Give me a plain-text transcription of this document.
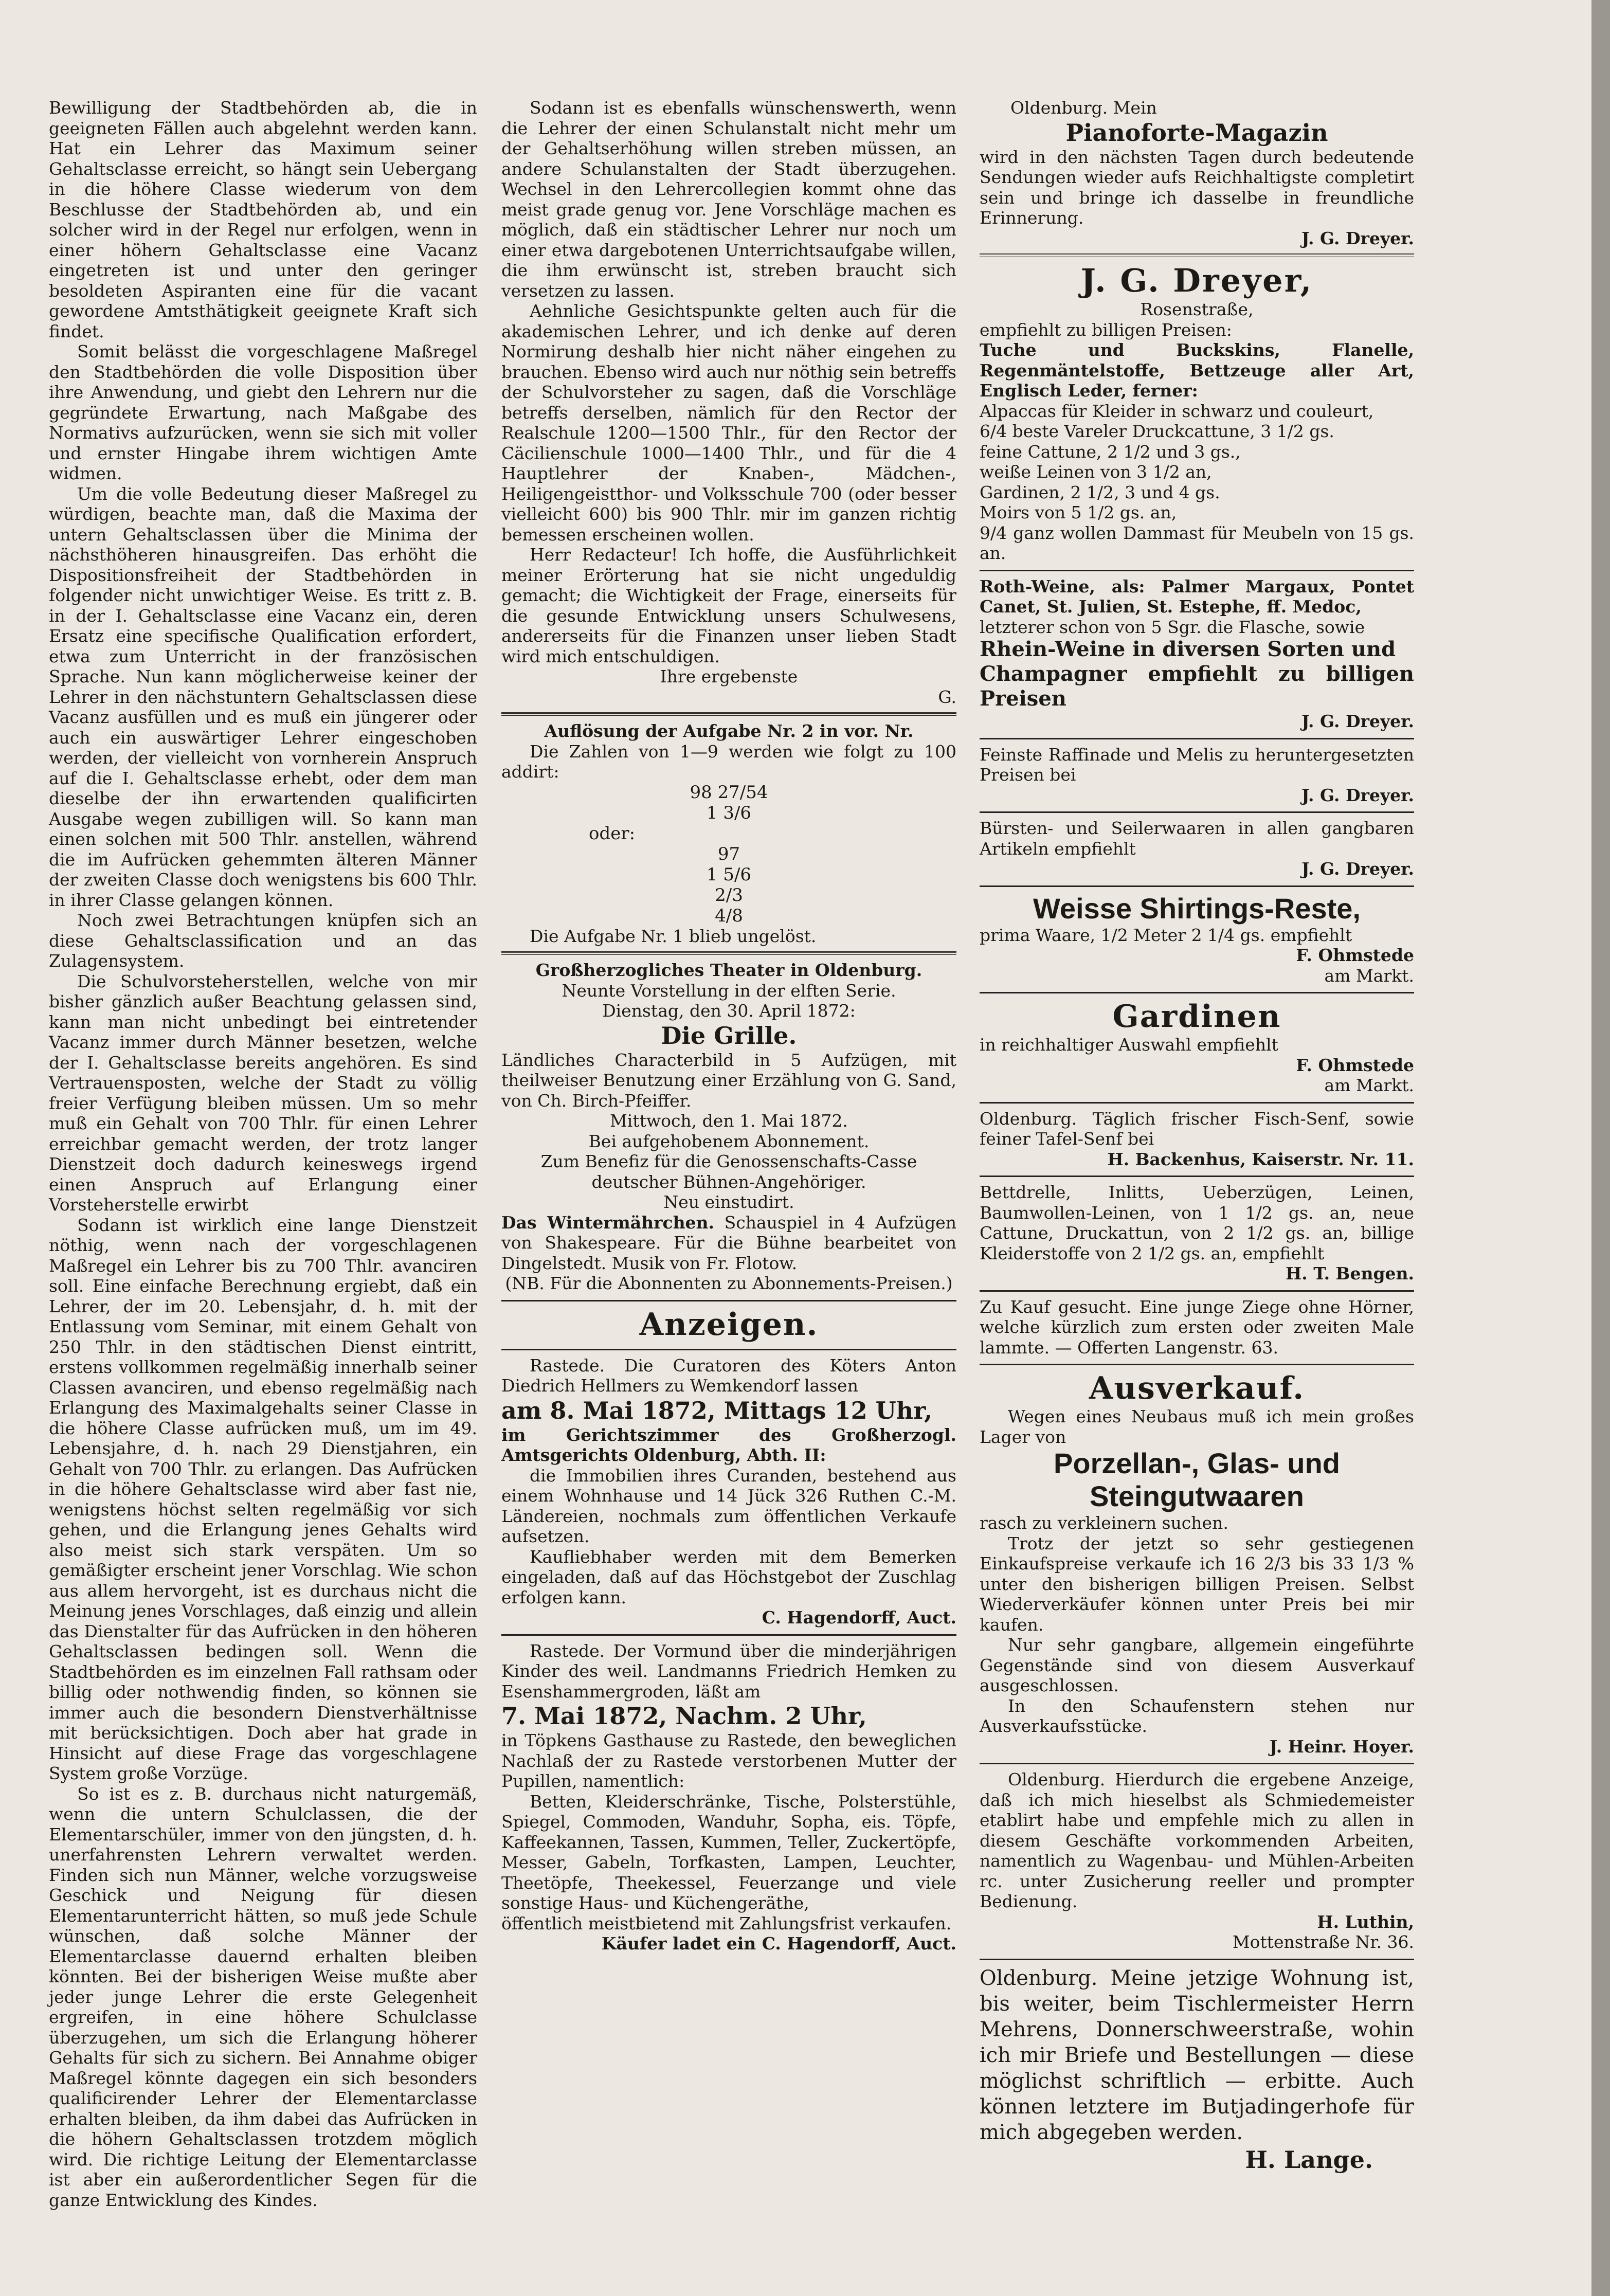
Bewilligung der Stadtbehörden ab, die in geeigneten Fällen auch abgelehnt werden kann. Hat ein Lehrer das Maximum seiner Gehaltsclasse erreicht, so hängt sein Uebergang in die höhere Classe wiederum von dem Beschlusse der Stadtbehörden ab, und ein solcher wird in der Regel nur erfolgen, wenn in einer höhern Gehaltsclasse eine Vacanz eingetreten ist und unter den geringer besoldeten Aspiranten eine für die vacant gewordene Amtsthätigkeit geeignete Kraft sich findet.

Somit belässt die vorgeschlagene Maßregel den Stadtbehörden die volle Disposition über ihre Anwendung, und giebt den Lehrern nur die gegründete Erwartung, nach Maßgabe des Normativs aufzurücken, wenn sie sich mit voller und ernster Hingabe ihrem wichtigen Amte widmen.

Um die volle Bedeutung dieser Maßregel zu würdigen, beachte man, daß die Maxima der untern Gehaltsclassen über die Minima der nächsthöheren hinausgreifen. Das erhöht die Dispositionsfreiheit der Stadtbehörden in folgender nicht unwichtiger Weise. Es tritt z. B. in der I. Gehaltsclasse eine Vacanz ein, deren Ersatz eine specifische Qualification erfordert, etwa zum Unterricht in der französischen Sprache. Nun kann möglicherweise keiner der Lehrer in den nächstuntern Gehaltsclassen diese Vacanz ausfüllen und es muß ein jüngerer oder auch ein auswärtiger Lehrer eingeschoben werden, der vielleicht von vornherein Anspruch auf die I. Gehaltsclasse erhebt, oder dem man dieselbe der ihn erwartenden qualificirten Ausgabe wegen zubilligen will. So kann man einen solchen mit 500 Thlr. anstellen, während die im Aufrücken gehemmten älteren Männer der zweiten Classe doch wenigstens bis 600 Thlr. in ihrer Classe gelangen können.

Noch zwei Betrachtungen knüpfen sich an diese Gehaltsclassification und an das Zulagensystem.

Die Schulvorsteherstellen, welche von mir bisher gänzlich außer Beachtung gelassen sind, kann man nicht unbedingt bei eintretender Vacanz immer durch Männer besetzen, welche der I. Gehaltsclasse bereits angehören. Es sind Vertrauensposten, welche der Stadt zu völlig freier Verfügung bleiben müssen. Um so mehr muß ein Gehalt von 700 Thlr. für einen Lehrer erreichbar gemacht werden, der trotz langer Dienstzeit doch dadurch keineswegs irgend einen Anspruch auf Erlangung einer Vorsteherstelle erwirbt

Sodann ist wirklich eine lange Dienstzeit nöthig, wenn nach der vorgeschlagenen Maßregel ein Lehrer bis zu 700 Thlr. avanciren soll. Eine einfache Berechnung ergiebt, daß ein Lehrer, der im 20. Lebensjahr, d. h. mit der Entlassung vom Seminar, mit einem Gehalt von 250 Thlr. in den städtischen Dienst eintritt, erstens vollkommen regelmäßig innerhalb seiner Classen avanciren, und ebenso regelmäßig nach Erlangung des Maximalgehalts seiner Classe in die höhere Classe aufrücken muß, um im 49. Lebensjahre, d. h. nach 29 Dienstjahren, ein Gehalt von 700 Thlr. zu erlangen. Das Aufrücken in die höhere Gehaltsclasse wird aber fast nie, wenigstens höchst selten regelmäßig vor sich gehen, und die Erlangung jenes Gehalts wird also meist sich stark verspäten. Um so gemäßigter erscheint jener Vorschlag. Wie schon aus allem hervorgeht, ist es durchaus nicht die Meinung jenes Vorschlages, daß einzig und allein das Dienstalter für das Aufrücken in den höheren Gehaltsclassen bedingen soll. Wenn die Stadtbehörden es im einzelnen Fall rathsam oder billig oder nothwendig finden, so können sie immer auch die besondern Dienstverhältnisse mit berücksichtigen. Doch aber hat grade in Hinsicht auf diese Frage das vorgeschlagene System große Vorzüge.

So ist es z. B. durchaus nicht naturgemäß, wenn die untern Schulclassen, die der Elementarschüler, immer von den jüngsten, d. h. unerfahrensten Lehrern verwaltet werden. Finden sich nun Männer, welche vorzugsweise Geschick und Neigung für diesen Elementarunterricht hätten, so muß jede Schule wünschen, daß solche Männer der Elementarclasse dauernd erhalten bleiben könnten. Bei der bisherigen Weise mußte aber jeder junge Lehrer die erste Gelegenheit ergreifen, in eine höhere Schulclasse überzugehen, um sich die Erlangung höherer Gehalts für sich zu sichern. Bei Annahme obiger Maßregel könnte dagegen ein sich besonders qualificirender Lehrer der Elementarclasse erhalten bleiben, da ihm dabei das Aufrücken in die höhern Gehaltsclassen trotzdem möglich wird. Die richtige Leitung der Elementarclasse ist aber ein außerordentlicher Segen für die ganze Entwicklung des Kindes.

Sodann ist es ebenfalls wünschenswerth, wenn die Lehrer der einen Schulanstalt nicht mehr um der Gehaltserhöhung willen streben müssen, an andere Schulanstalten der Stadt überzugehen. Wechsel in den Lehrercollegien kommt ohne das meist grade genug vor. Jene Vorschläge machen es möglich, daß ein städtischer Lehrer nur noch um einer etwa dargebotenen Unterrichtsaufgabe willen, die ihm erwünscht ist, streben braucht sich versetzen zu lassen.

Aehnliche Gesichtspunkte gelten auch für die akademischen Lehrer, und ich denke auf deren Normirung deshalb hier nicht näher eingehen zu brauchen. Ebenso wird auch nur nöthig sein betreffs der Schulvorsteher zu sagen, daß die Vorschläge betreffs derselben, nämlich für den Rector der Realschule 1200—1500 Thlr., für den Rector der Cäcilienschule 1000—1400 Thlr., und für die 4 Hauptlehrer der Knaben-, Mädchen-, Heiligengeistthor- und Volksschule 700 (oder besser vielleicht 600) bis 900 Thlr. mir im ganzen richtig bemessen erscheinen wollen.

Herr Redacteur! Ich hoffe, die Ausführlichkeit meiner Erörterung hat sie nicht ungeduldig gemacht; die Wichtigkeit der Frage, einerseits für die gesunde Entwicklung unsers Schulwesens, andererseits für die Finanzen unser lieben Stadt wird mich entschuldigen.

Ihre ergebenste

G.

Auflösung der Aufgabe Nr. 2 in vor. Nr.

Die Zahlen von 1—9 werden wie folgt zu 100 addirt:

98 27/54
1 3/6
oder:
97
1 5/6
2/3
4/8

Die Aufgabe Nr. 1 blieb ungelöst.

Großherzogliches Theater in Oldenburg.

Neunte Vorstellung in der elften Serie.

Dienstag, den 30. April 1872:

Die Grille.

Ländliches Characterbild in 5 Aufzügen, mit theilweiser Benutzung einer Erzählung von G. Sand, von Ch. Birch-Pfeiffer.

Mittwoch, den 1. Mai 1872.

Bei aufgehobenem Abonnement.

Zum Benefiz für die Genossenschafts-Casse deutscher Bühnen-Angehöriger.

Neu einstudirt.

Das Wintermährchen. Schauspiel in 4 Aufzügen von Shakespeare. Für die Bühne bearbeitet von Dingelstedt. Musik von Fr. Flotow.

(NB. Für die Abonnenten zu Abonnements-Preisen.)

Anzeigen.

Rastede. Die Curatoren des Köters Anton Diedrich Hellmers zu Wemkendorf lassen

am 8. Mai 1872, Mittags 12 Uhr,

im Gerichtszimmer des Großherzogl. Amtsgerichts Oldenburg, Abth. II:

die Immobilien ihres Curanden, bestehend aus einem Wohnhause und 14 Jück 326 Ruthen C.-M. Ländereien, nochmals zum öffentlichen Verkaufe aufsetzen.

Kaufliebhaber werden mit dem Bemerken eingeladen, daß auf das Höchstgebot der Zuschlag erfolgen kann.

C. Hagendorff, Auct.

Rastede. Der Vormund über die minderjährigen Kinder des weil. Landmanns Friedrich Hemken zu Esenshammergroden, läßt am

7. Mai 1872, Nachm. 2 Uhr,

in Töpkens Gasthause zu Rastede, den beweglichen Nachlaß der zu Rastede verstorbenen Mutter der Pupillen, namentlich:

Betten, Kleiderschränke, Tische, Polsterstühle, Spiegel, Commoden, Wanduhr, Sopha, eis. Töpfe, Kaffeekannen, Tassen, Kummen, Teller, Zuckertöpfe, Messer, Gabeln, Torfkasten, Lampen, Leuchter, Theetöpfe, Theekessel, Feuerzange und viele sonstige Haus- und Küchengeräthe,

öffentlich meistbietend mit Zahlungsfrist verkaufen.

Käufer ladet ein C. Hagendorff, Auct.

Oldenburg. Mein

Pianoforte-Magazin

wird in den nächsten Tagen durch bedeutende Sendungen wieder aufs Reichhaltigste completirt sein und bringe ich dasselbe in freundliche Erinnerung.

J. G. Dreyer.

J. G. Dreyer,

Rosenstraße,

empfiehlt zu billigen Preisen:

Tuche und Buckskins, Flanelle, Regenmäntelstoffe, Bettzeuge aller Art, Englisch Leder, ferner:

Alpaccas für Kleider in schwarz und couleurt,

6/4 beste Vareler Druckcattune, 3 1/2 gs.

feine Cattune, 2 1/2 und 3 gs.,

weiße Leinen von 3 1/2 an,

Gardinen, 2 1/2, 3 und 4 gs.

Moirs von 5 1/2 gs. an,

9/4 ganz wollen Dammast für Meubeln von 15 gs. an.

Roth-Weine, als: Palmer Margaux, Pontet Canet, St. Julien, St. Estephe, ff. Medoc,

letzterer schon von 5 Sgr. die Flasche, sowie

Rhein-Weine in diversen Sorten und

Champagner empfiehlt zu billigen Preisen

J. G. Dreyer.

Feinste Raffinade und Melis zu heruntergesetzten Preisen bei

J. G. Dreyer.

Bürsten- und Seilerwaaren in allen gangbaren Artikeln empfiehlt

J. G. Dreyer.

Weisse Shirtings-Reste,

prima Waare, 1/2 Meter 2 1/4 gs. empfiehlt

F. Ohmstede

am Markt.

Gardinen

in reichhaltiger Auswahl empfiehlt

F. Ohmstede

am Markt.

Oldenburg. Täglich frischer Fisch-Senf, sowie feiner Tafel-Senf bei

H. Backenhus, Kaiserstr. Nr. 11.

Bettdrelle, Inlitts, Ueberzügen, Leinen, Baumwollen-Leinen, von 1 1/2 gs. an, neue Cattune, Druckattun, von 2 1/2 gs. an, billige Kleiderstoffe von 2 1/2 gs. an, empfiehlt

H. T. Bengen.

Zu Kauf gesucht. Eine junge Ziege ohne Hörner, welche kürzlich zum ersten oder zweiten Male lammte. — Offerten Langenstr. 63.

Ausverkauf.

Wegen eines Neubaus muß ich mein großes Lager von

Porzellan-, Glas- und Steingutwaaren

rasch zu verkleinern suchen.

Trotz der jetzt so sehr gestiegenen Einkaufspreise verkaufe ich 16 2/3 bis 33 1/3 % unter den bisherigen billigen Preisen. Selbst Wiederverkäufer können unter Preis bei mir kaufen.

Nur sehr gangbare, allgemein eingeführte Gegenstände sind von diesem Ausverkauf ausgeschlossen.

In den Schaufenstern stehen nur Ausverkaufsstücke.

J. Heinr. Hoyer.

Oldenburg. Hierdurch die ergebene Anzeige, daß ich mich hieselbst als Schmiedemeister etablirt habe und empfehle mich zu allen in diesem Geschäfte vorkommenden Arbeiten, namentlich zu Wagenbau- und Mühlen-Arbeiten rc. unter Zusicherung reeller und prompter Bedienung.

H. Luthin,

Mottenstraße Nr. 36.

Oldenburg. Meine jetzige Wohnung ist, bis weiter, beim Tischlermeister Herrn Mehrens, Donnerschweerstraße, wohin ich mir Briefe und Bestellungen — diese möglichst schriftlich — erbitte. Auch können letztere im Butjadingerhofe für mich abgegeben werden.

H. Lange.
